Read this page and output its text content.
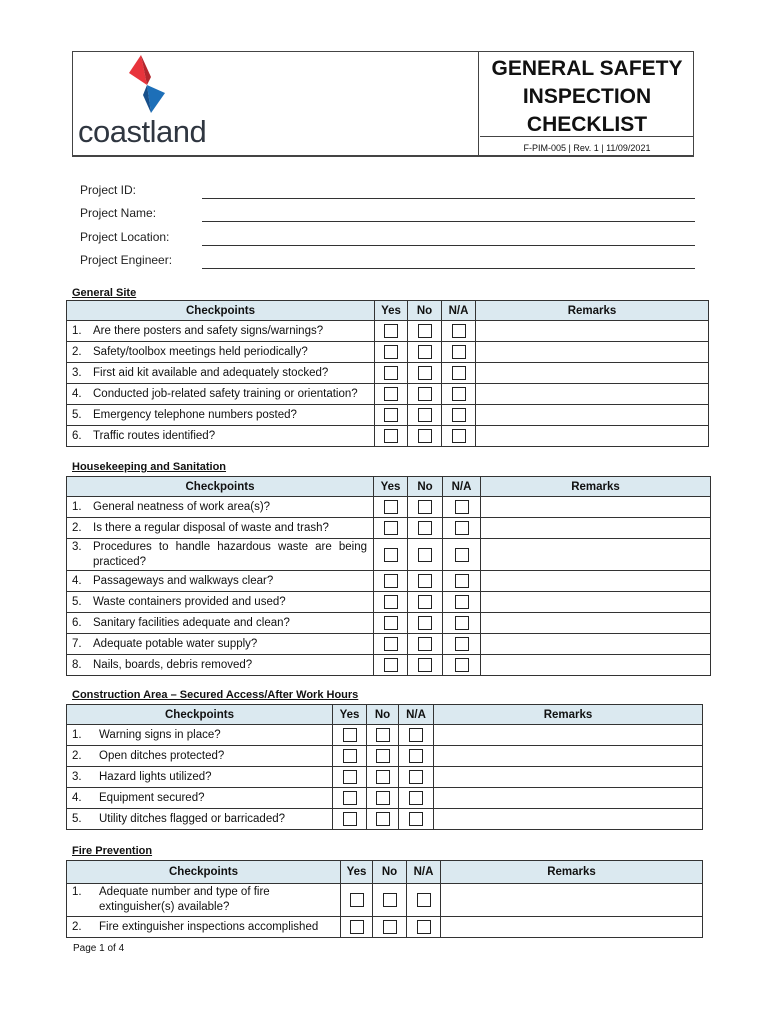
coastland
GENERAL SAFETY
INSPECTION
CHECKLIST
F-PIM-005 | Rev. 1 | 11/09/2021
Project ID:
Project Name:
Project Location:
Project Engineer:
General Site
Checkpoints	Yes	No	N/A	Remarks
1. Are there posters and safety signs/warnings?				
2. Safety/toolbox meetings held periodically?				
3. First aid kit available and adequately stocked?				
4. Conducted job-related safety training or orientation?				
5. Emergency telephone numbers posted?				
6. Traffic routes identified?				
Housekeeping and Sanitation
Checkpoints	Yes	No	N/A	Remarks
1. General neatness of work area(s)?				
2. Is there a regular disposal of waste and trash?				

3. Procedures to handle hazardous waste are being practiced?				

4. Passageways and walkways clear?				
5. Waste containers provided and used?				
6. Sanitary facilities adequate and clean?				
7. Adequate potable water supply?				
8. Nails, boards, debris removed?				
Construction Area – Secured Access/After Work Hours
Checkpoints	Yes	No	N/A	Remarks
1. Warning signs in place?				
2. Open ditches protected?				
3. Hazard lights utilized?				
4. Equipment secured?				
5. Utility ditches flagged or barricaded?				
Fire Prevention
Checkpoints	Yes	No	N/A	Remarks

1. Adequate number and type of fire extinguisher(s) available?				

2. Fire extinguisher inspections accomplished				
Page 1 of 4
